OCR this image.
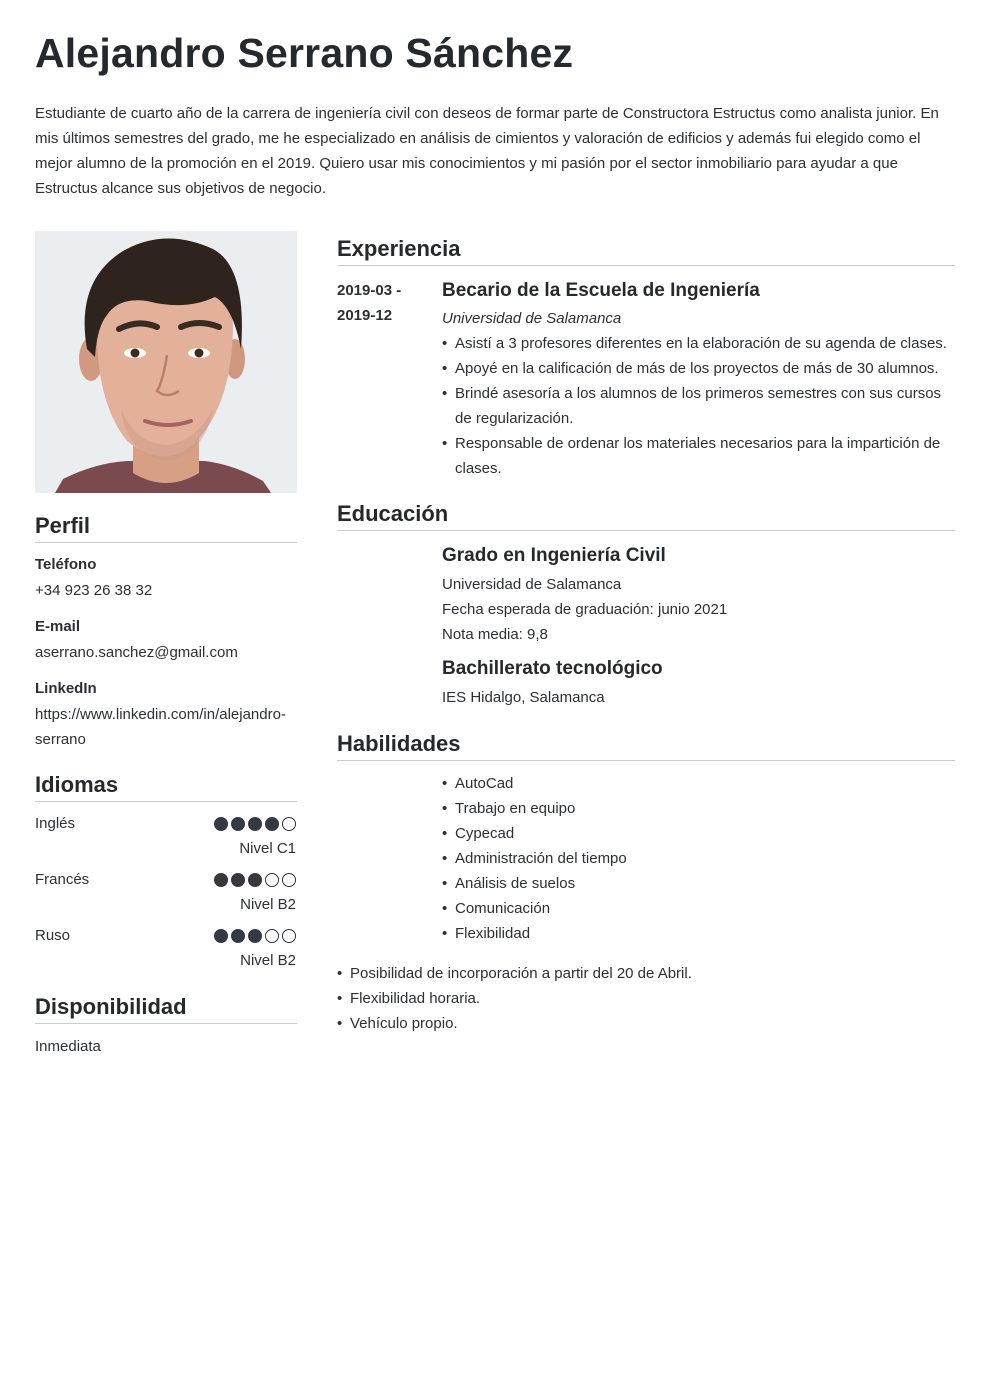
Alejandro Serrano Sánchez
Estudiante de cuarto año de la carrera de ingeniería civil con deseos de formar parte de Constructora Estructus como analista junior. En mis últimos semestres del grado, me he especializado en análisis de cimientos y valoración de edificios y además fui elegido como el mejor alumno de la promoción en el 2019. Quiero usar mis conocimientos y mi pasión por el sector inmobiliario para ayudar a que Estructus alcance sus objetivos de negocio.
Perfil
Teléfono
+34 923 26 38 32
E-mail
aserrano.sanchez@gmail.com
LinkedIn
https://www.linkedin.com/in/alejandro-serrano
Idiomas
Inglés
Nivel C1
Francés
Nivel B2
Ruso
Nivel B2
Disponibilidad
Inmediata
Experiencia
2019-03 -
2019-12
Becario de la Escuela de Ingeniería
Universidad de Salamanca
• Asistí a 3 profesores diferentes en la elaboración de su agenda de clases.
• Apoyé en la calificación de más de los proyectos de más de 30 alumnos.
• Brindé asesoría a los alumnos de los primeros semestres con sus cursos de regularización.
• Responsable de ordenar los materiales necesarios para la impartición de clases.
Educación
Grado en Ingeniería Civil
Universidad de Salamanca
Fecha esperada de graduación: junio 2021
Nota media: 9,8
Bachillerato tecnológico
IES Hidalgo, Salamanca
Habilidades
• AutoCad
• Trabajo en equipo
• Cypecad
• Administración del tiempo
• Análisis de suelos
• Comunicación
• Flexibilidad
• Posibilidad de incorporación a partir del 20 de Abril.
• Flexibilidad horaria.
• Vehículo propio.
